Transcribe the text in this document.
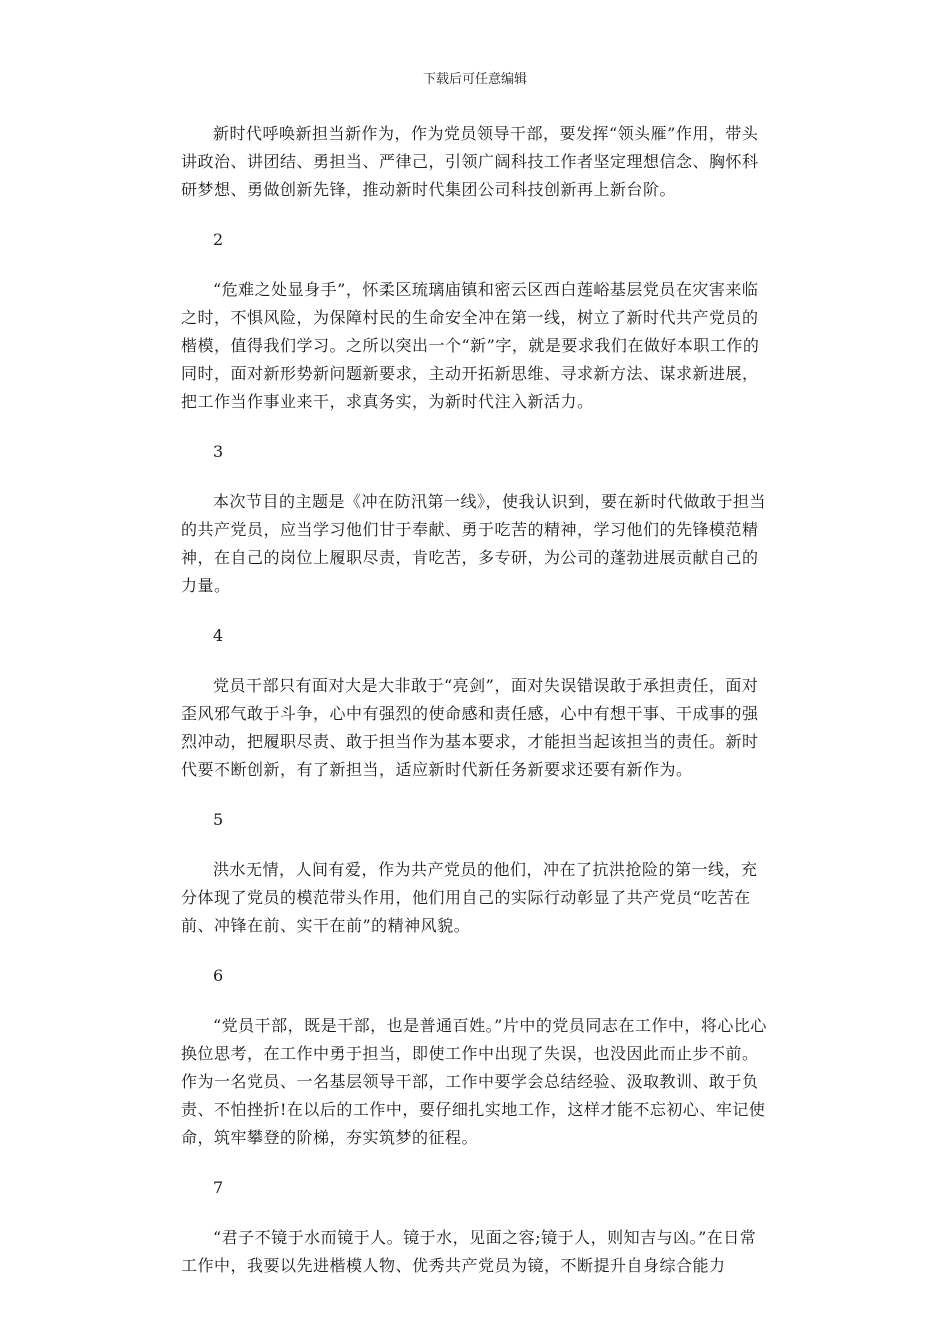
下载后可任意编辑

新时代呼唤新担当新作为，作为党员领导干部，要发挥“领头雁”作用，带头讲政治、讲团结、勇担当、严律己，引领广阔科技工作者坚定理想信念、胸怀科研梦想、勇做创新先锋，推动新时代集团公司科技创新再上新台阶。

2

“危难之处显身手”，怀柔区琉璃庙镇和密云区西白莲峪基层党员在灾害来临之时，不惧风险，为保障村民的生命安全冲在第一线，树立了新时代共产党员的楷模，值得我们学习。之所以突出一个“新”字，就是要求我们在做好本职工作的同时，面对新形势新问题新要求，主动开拓新思维、寻求新方法、谋求新进展，把工作当作事业来干，求真务实，为新时代注入新活力。

3

本次节目的主题是《冲在防汛第一线》，使我认识到，要在新时代做敢于担当的共产党员，应当学习他们甘于奉献、勇于吃苦的精神，学习他们的先锋模范精神，在自己的岗位上履职尽责，肯吃苦，多专研，为公司的蓬勃进展贡献自己的力量。

4

党员干部只有面对大是大非敢于“亮剑”，面对失误错误敢于承担责任，面对歪风邪气敢于斗争，心中有强烈的使命感和责任感，心中有想干事、干成事的强烈冲动，把履职尽责、敢于担当作为基本要求，才能担当起该担当的责任。新时代要不断创新，有了新担当，适应新时代新任务新要求还要有新作为。

5

洪水无情，人间有爱，作为共产党员的他们，冲在了抗洪抢险的第一线，充分体现了党员的模范带头作用，他们用自己的实际行动彰显了共产党员“吃苦在前、冲锋在前、实干在前”的精神风貌。

6

“党员干部，既是干部，也是普通百姓。”片中的党员同志在工作中，将心比心换位思考，在工作中勇于担当，即使工作中出现了失误，也没因此而止步不前。作为一名党员、一名基层领导干部，工作中要学会总结经验、汲取教训、敢于负责、不怕挫折!在以后的工作中，要仔细扎实地工作，这样才能不忘初心、牢记使命，筑牢攀登的阶梯，夯实筑梦的征程。

7

“君子不镜于水而镜于人。镜于水，见面之容;镜于人，则知吉与凶。”在日常工作中，我要以先进楷模人物、优秀共产党员为镜，不断提升自身综合能力
